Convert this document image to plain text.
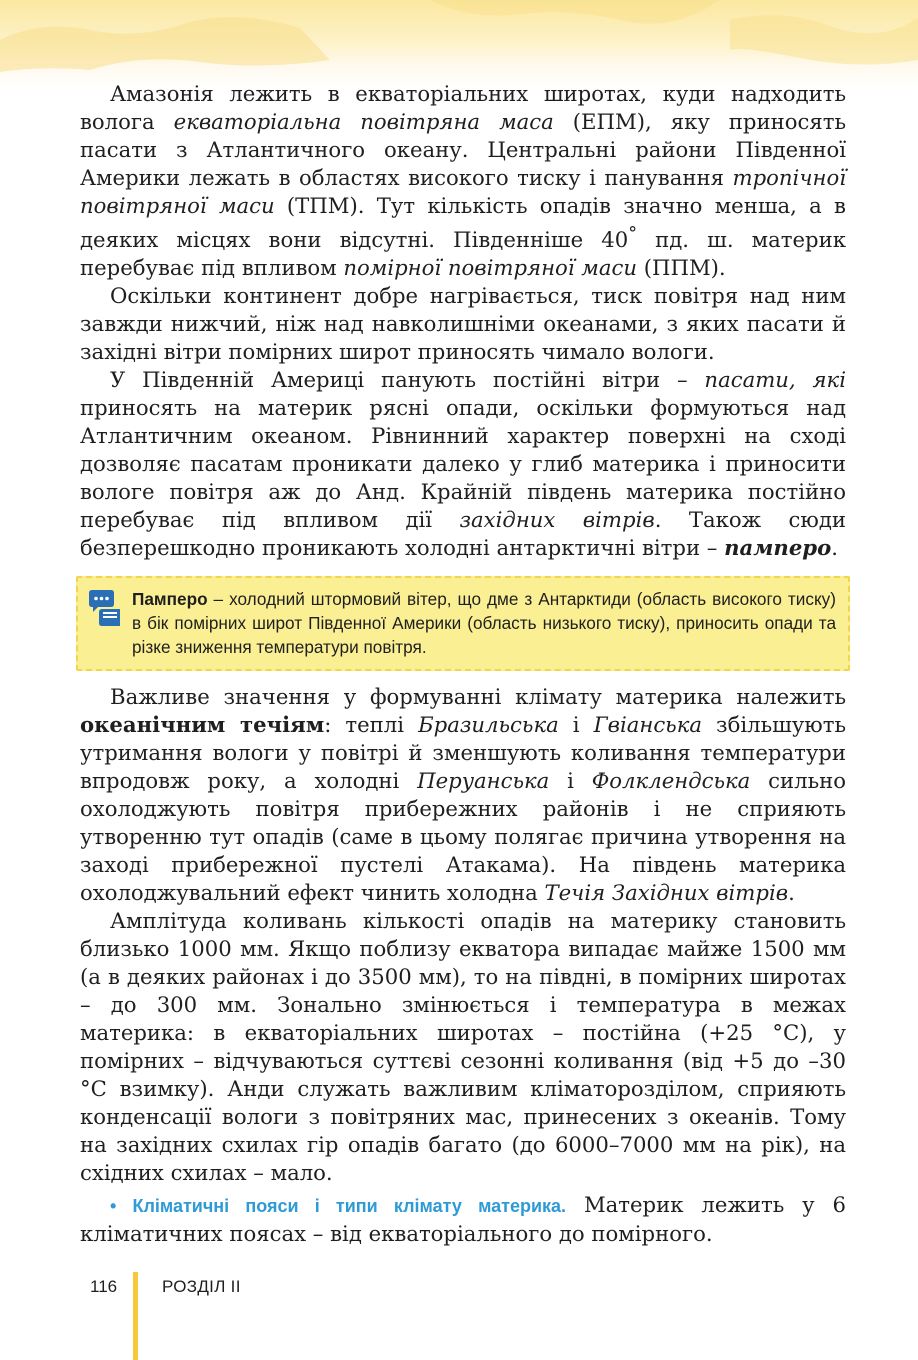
Амазонія лежить в екваторіальних широтах, куди надходить волога екваторіальна повітряна маса (ЕПМ), яку приносять пасати з Атлантичного океану. Центральні райони Південної Америки лежать в областях високого тиску і панування тропічної повітряної маси (ТПМ). Тут кількість опадів значно менша, а в деяких місцях вони відсутні. Південніше 40° пд. ш. материк перебуває під впливом помірної повітряної маси (ППМ).

Оскільки континент добре нагрівається, тиск повітря над ним завжди нижчий, ніж над навколишніми океанами, з яких пасати й західні вітри помірних широт приносять чимало вологи.

У Південній Америці панують постійні вітри – пасати, які приносять на материк рясні опади, оскільки формуються над Атлантичним океаном. Рівнинний характер поверхні на сході дозволяє пасатам проникати далеко у глиб материка і приносити вологе повітря аж до Анд. Крайній південь материка постійно перебуває під впливом дії західних вітрів. Також сюди безперешкодно проникають холодні антарктичні вітри – памперо.

Памперо – холодний штормовий вітер, що дме з Антарктиди (область високого тиску) в бік помірних широт Південної Америки (область низького тиску), приносить опади та різке зниження температури повітря.

Важливе значення у формуванні клімату материка належить океанічним течіям: теплі Бразильська і Гвіанська збільшують утримання вологи у повітрі й зменшують коливання температури впродовж року, а холодні Перуанська і Фолклендська сильно охолоджують повітря прибережних районів і не сприяють утворенню тут опадів (саме в цьому полягає причина утворення на заході прибережної пустелі Атакама). На південь материка охолоджувальний ефект чинить холодна Течія Західних вітрів.

Амплітуда коливань кількості опадів на материку становить близько 1000 мм. Якщо поблизу екватора випадає майже 1500 мм (а в деяких районах і до 3500 мм), то на півдні, в помірних широтах – до 300 мм. Зонально змінюється і температура в межах материка: в екваторіальних широтах – постійна (+25 °С), у помірних – відчуваються суттєві сезонні коливання (від +5 до –30 °С взимку). Анди служать важливим кліматорозділом, сприяють конденсації вологи з повітряних мас, принесених з океанів. Тому на західних схилах гір опадів багато (до 6000–7000 мм на рік), на східних схилах – мало.

• Кліматичні пояси і типи клімату материка. Материк лежить у 6 кліматичних поясах – від екваторіального до помірного.

116	РОЗДІЛ II
